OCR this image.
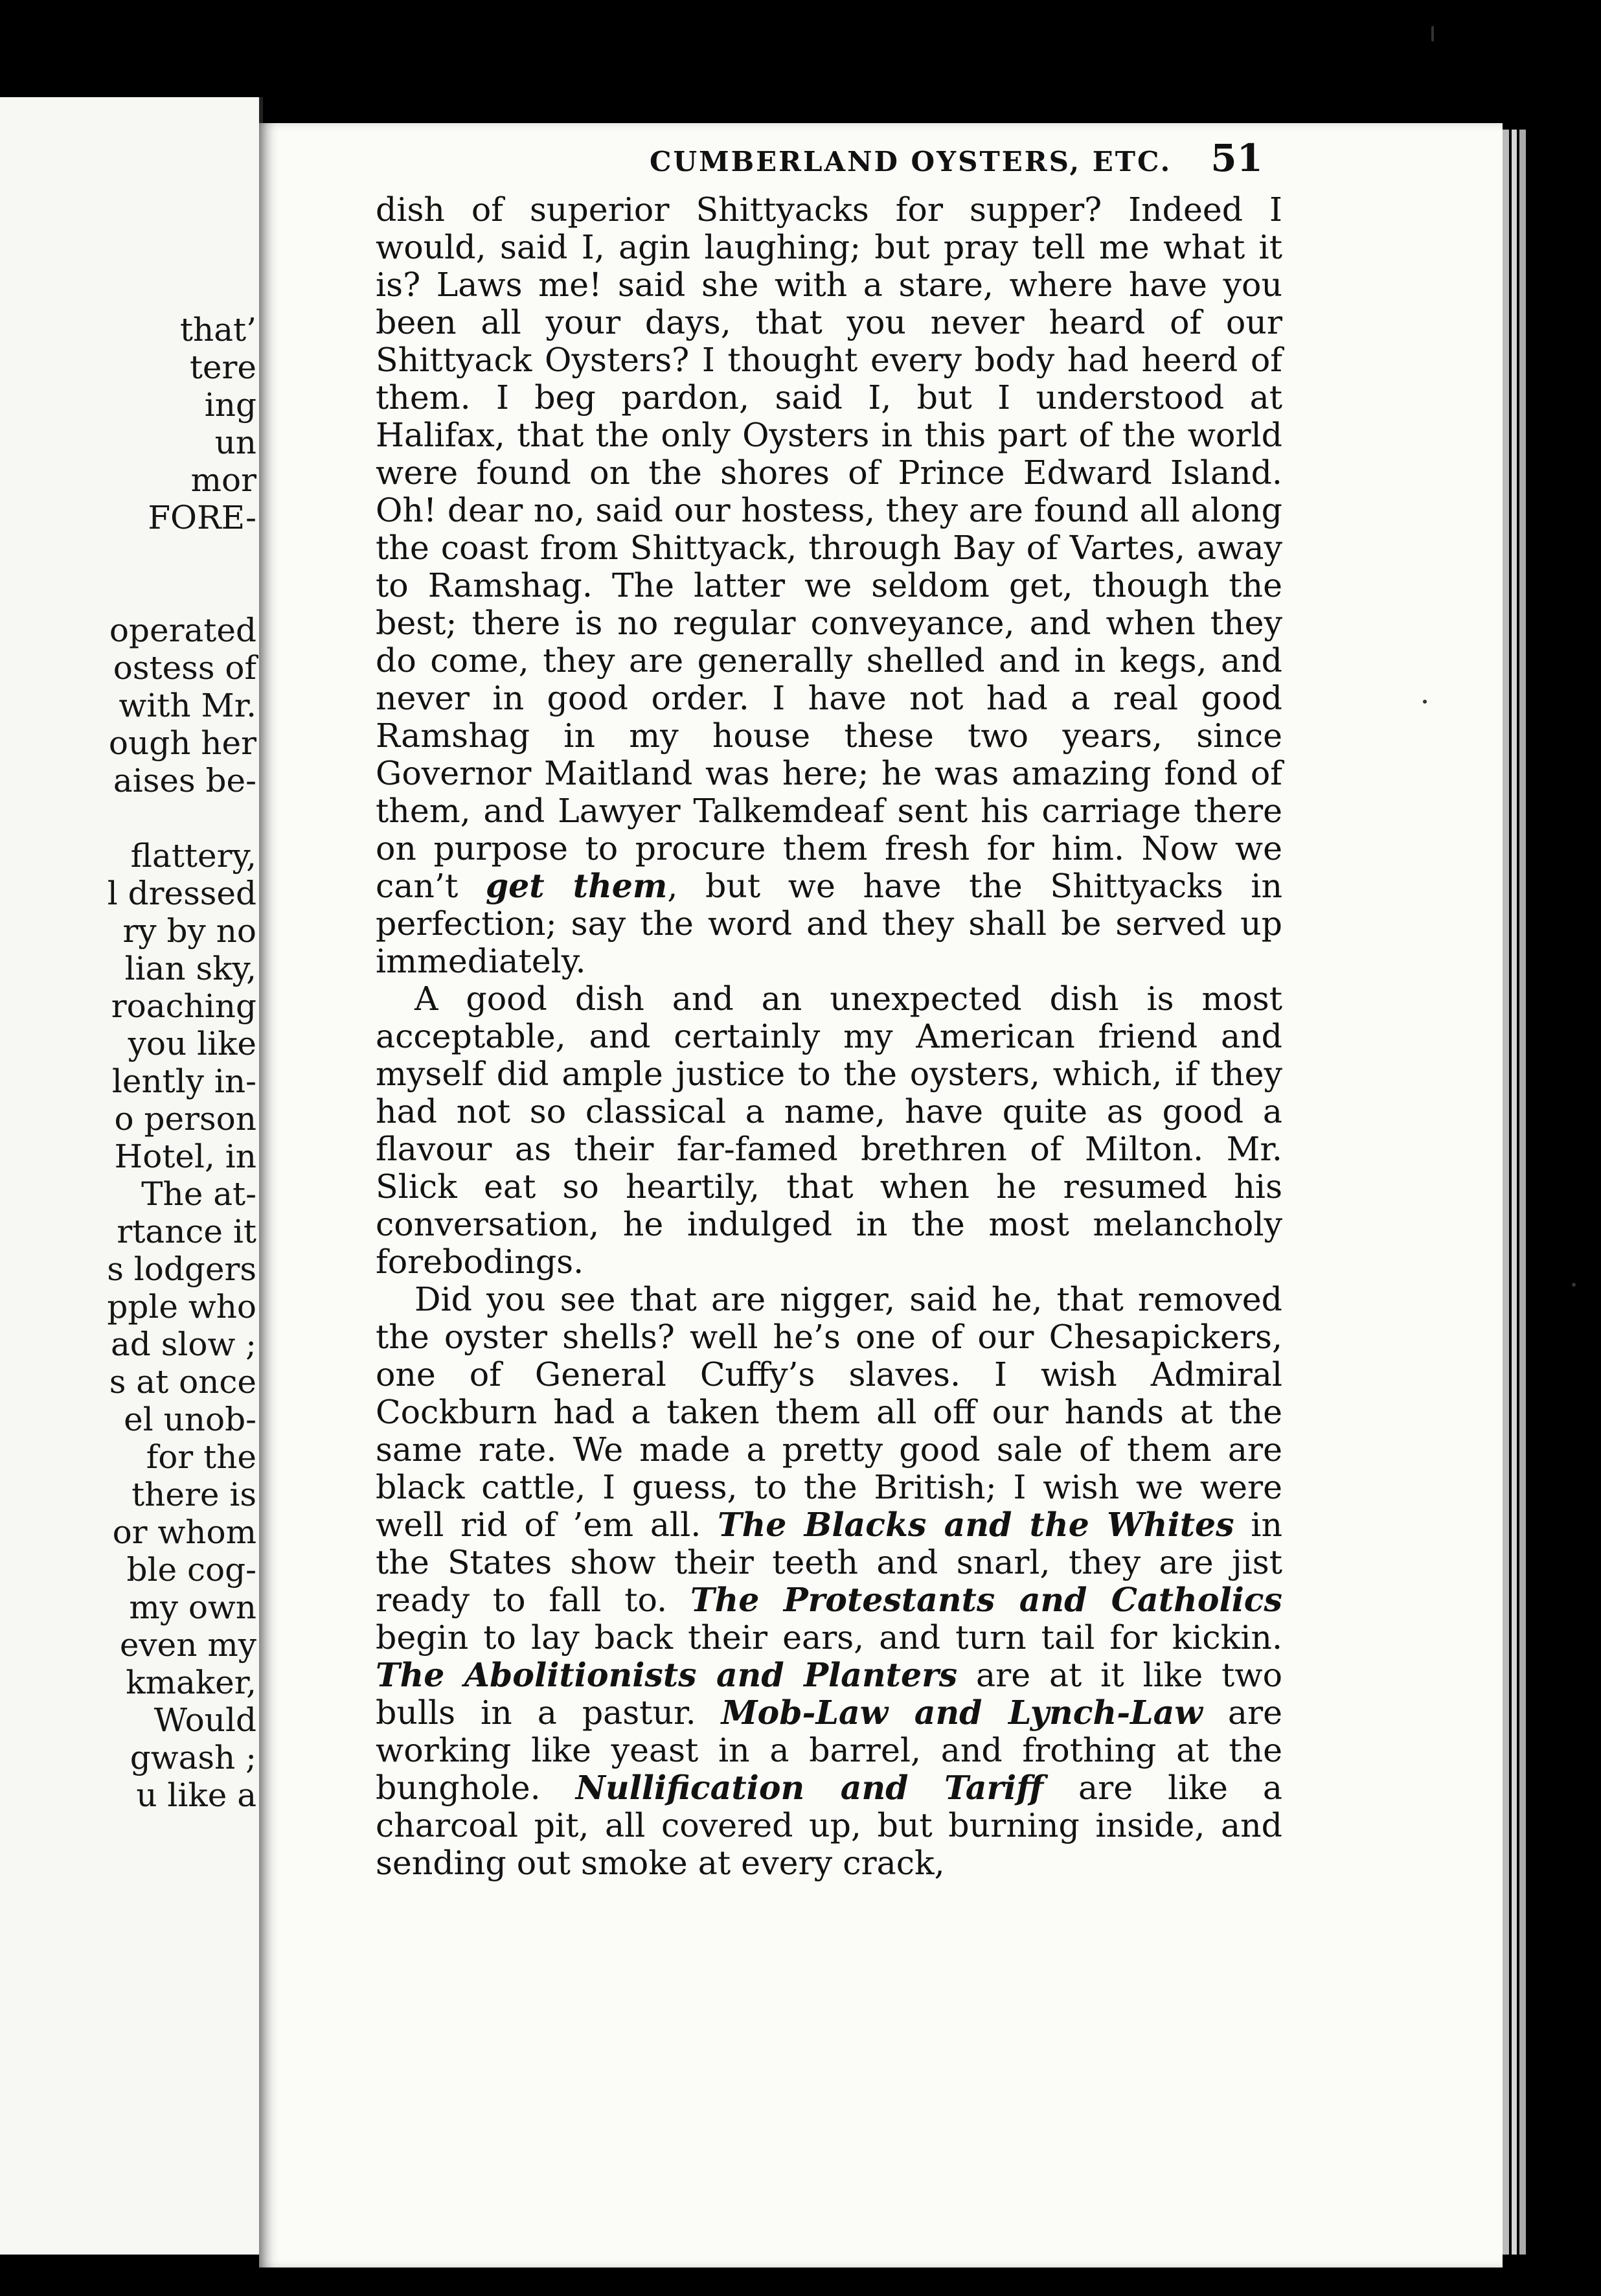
that’
tere
ing
un
mor
FORE-
operated
ostess of
with Mr.
ough her
aises be-
flattery,
l dressed
ry by no
lian sky,
roaching
you like
lently in-
o person
Hotel, in
The at-
rtance it
s lodgers
pple who
ad slow ;
s at once
el unob-
for the
there is
or whom
ble cog-
my own
even my
kmaker,
Would
gwash ;
u like a
CUMBERLAND OYSTERS, ETC. 51

dish of superior Shittyacks for supper? Indeed I would, said I, agin laughing; but pray tell me what it is? Laws me! said she with a stare, where have you been all your days, that you never heard of our Shittyack Oysters? I thought every body had heerd of them. I beg pardon, said I, but I understood at Halifax, that the only Oysters in this part of the world were found on the shores of Prince Edward Island. Oh! dear no, said our hostess, they are found all along the coast from Shittyack, through Bay of Vartes, away to Ramshag. The latter we seldom get, though the best; there is no regular conveyance, and when they do come, they are generally shelled and in kegs, and never in good order. I have not had a real good Ramshag in my house these two years, since Governor Maitland was here; he was amazing fond of them, and Lawyer Talkemdeaf sent his carriage there on purpose to procure them fresh for him. Now we can’t get them, but we have the Shittyacks in perfection; say the word and they shall be served up immediately.

A good dish and an unexpected dish is most acceptable, and certainly my American friend and myself did ample justice to the oysters, which, if they had not so classical a name, have quite as good a flavour as their far-famed brethren of Milton. Mr. Slick eat so heartily, that when he resumed his conversation, he indulged in the most melancholy forebodings.

Did you see that are nigger, said he, that removed the oyster shells? well he’s one of our Chesapickers, one of General Cuffy’s slaves. I wish Admiral Cockburn had a taken them all off our hands at the same rate. We made a pretty good sale of them are black cattle, I guess, to the British; I wish we were well rid of ’em all. The Blacks and the Whites in the States show their teeth and snarl, they are jist ready to fall to. The Protestants and Catholics begin to lay back their ears, and turn tail for kickin. The Abolitionists and Planters are at it like two bulls in a pastur. Mob-Law and Lynch-Law are working like yeast in a barrel, and frothing at the bunghole. Nullification and Tariff are like a charcoal pit, all covered up, but burning inside, and sending out smoke at every crack,
